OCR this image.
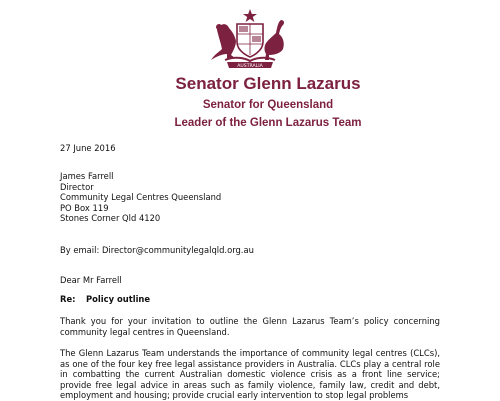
AUSTRALIA
Senator Glenn Lazarus
Senator for Queensland
Leader of the Glenn Lazarus Team
27 June 2016
James Farrell
Director
Community Legal Centres Queensland
PO Box 119
Stones Corner Qld 4120
By email: Director@communitylegalqld.org.au
Dear Mr Farrell
Re: Policy outline
Thank you for your invitation to outline the Glenn Lazarus Team’s policy concerning community legal centres in Queensland.
The Glenn Lazarus Team understands the importance of community legal centres (CLCs), as one of the four key free legal assistance providers in Australia. CLCs play a central role in combatting the current Australian domestic violence crisis as a front line service; provide free legal advice in areas such as family violence, family law, credit and debt, employment and housing; provide crucial early intervention to stop legal problems
